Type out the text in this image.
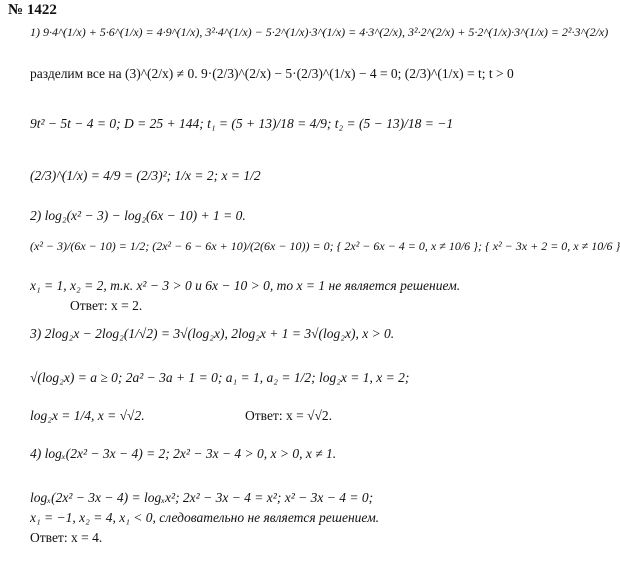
№ 1422
1) 9·4^(1/x) + 5·6^(1/x) = 4·9^(1/x), 3²·4^(1/x) − 5·2^(1/x)·3^(1/x) = 4·3^(2/x), 3²·2^(2/x) + 5·2^(1/x)·3^(1/x) = 2²·3^(2/x)
разделим все на (3)^(2/x) ≠ 0. 9·(2/3)^(2/x) − 5·(2/3)^(1/x) − 4 = 0; (2/3)^(1/x) = t; t > 0
9t² − 5t − 4 = 0; D = 25 + 144; t₁ = (5 + 13)/18 = 4/9; t₂ = (5 − 13)/18 = −1
(2/3)^(1/x) = 4/9 = (2/3)²; 1/x = 2; x = 1/2
2) log₂(x² − 3) − log₂(6x − 10) + 1 = 0.
(x² − 3)/(6x − 10) = 1/2; (2x² − 6 − 6x + 10)/(2(6x − 10)) = 0; { 2x² − 6x − 4 = 0, x ≠ 10/6 }; { x² − 3x + 2 = 0, x ≠ 10/6 }
x₁ = 1, x₂ = 2, т.к. x² − 3 > 0 и 6x − 10 > 0, то x = 1 не является решением.
Ответ: x = 2.
3) 2log₂x − 2log₂(1/√2) = 3√(log₂x), 2log₂x + 1 = 3√(log₂x), x > 0.
√(log₂x) = a ≥ 0; 2a² − 3a + 1 = 0; a₁ = 1, a₂ = 1/2; log₂x = 1, x = 2;
log₂x = 1/4, x = √√2.	Ответ: x = √√2.
4) logₓ(2x² − 3x − 4) = 2; 2x² − 3x − 4 > 0, x > 0, x ≠ 1.
logₓ(2x² − 3x − 4) = logₓx²; 2x² − 3x − 4 = x²; x² − 3x − 4 = 0;
x₁ = −1, x₂ = 4, x₁ < 0, следовательно не является решением.
Ответ: x = 4.
